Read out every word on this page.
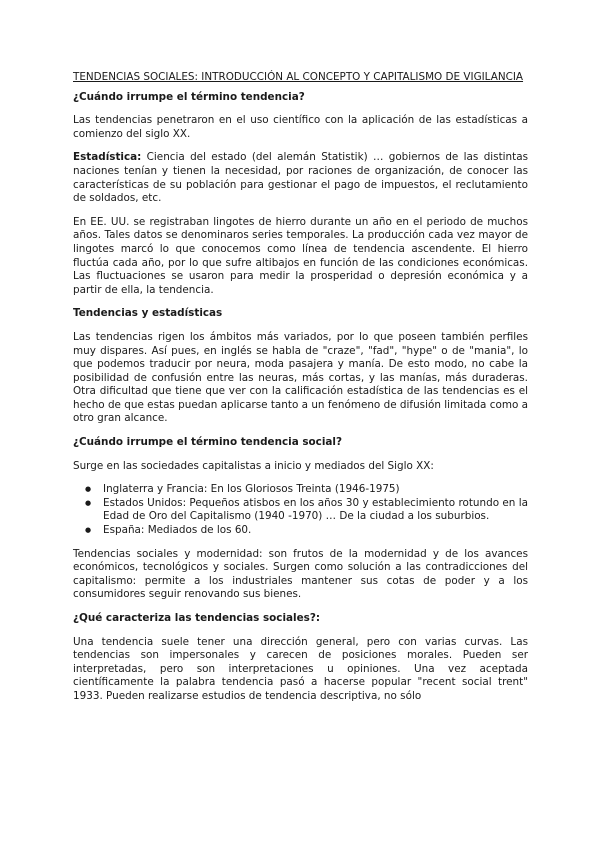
TENDENCIAS SOCIALES: INTRODUCCIÓN AL CONCEPTO Y CAPITALISMO DE VIGILANCIA

¿Cuándo irrumpe el término tendencia?

Las tendencias penetraron en el uso científico con la aplicación de las estadísticas a comienzo del siglo XX.

Estadística: Ciencia del estado (del alemán Statistik) … gobiernos de las distintas naciones tenían y tienen la necesidad, por raciones de organización, de conocer las características de su población para gestionar el pago de impuestos, el reclutamiento de soldados, etc.

En EE. UU. se registraban lingotes de hierro durante un año en el periodo de muchos años. Tales datos se denominaros series temporales. La producción cada vez mayor de lingotes marcó lo que conocemos como línea de tendencia ascendente. El hierro fluctúa cada año, por lo que sufre altibajos en función de las condiciones económicas. Las fluctuaciones se usaron para medir la prosperidad o depresión económica y a partir de ella, la tendencia.

Tendencias y estadísticas

Las tendencias rigen los ámbitos más variados, por lo que poseen también perfiles muy dispares. Así pues, en inglés se habla de "craze", "fad", "hype" o de "mania", lo que podemos traducir por neura, moda pasajera y manía. De esto modo, no cabe la posibilidad de confusión entre las neuras, más cortas, y las manías, más duraderas. Otra dificultad que tiene que ver con la calificación estadística de las tendencias es el hecho de que estas puedan aplicarse tanto a un fenómeno de difusión limitada como a otro gran alcance.

¿Cuándo irrumpe el término tendencia social?

Surge en las sociedades capitalistas a inicio y mediados del Siglo XX:

● Inglaterra y Francia: En los Gloriosos Treinta (1946-1975)
● Estados Unidos: Pequeños atisbos en los años 30 y establecimiento rotundo en la Edad de Oro del Capitalismo (1940 -1970) … De la ciudad a los suburbios.
● España: Mediados de los 60.

Tendencias sociales y modernidad: son frutos de la modernidad y de los avances económicos, tecnológicos y sociales. Surgen como solución a las contradicciones del capitalismo: permite a los industriales mantener sus cotas de poder y a los consumidores seguir renovando sus bienes.

¿Qué caracteriza las tendencias sociales?:

Una tendencia suele tener una dirección general, pero con varias curvas. Las tendencias son impersonales y carecen de posiciones morales. Pueden ser interpretadas, pero son interpretaciones u opiniones. Una vez aceptada científicamente la palabra tendencia pasó a hacerse popular "recent social trent" 1933. Pueden realizarse estudios de tendencia descriptiva, no sólo
